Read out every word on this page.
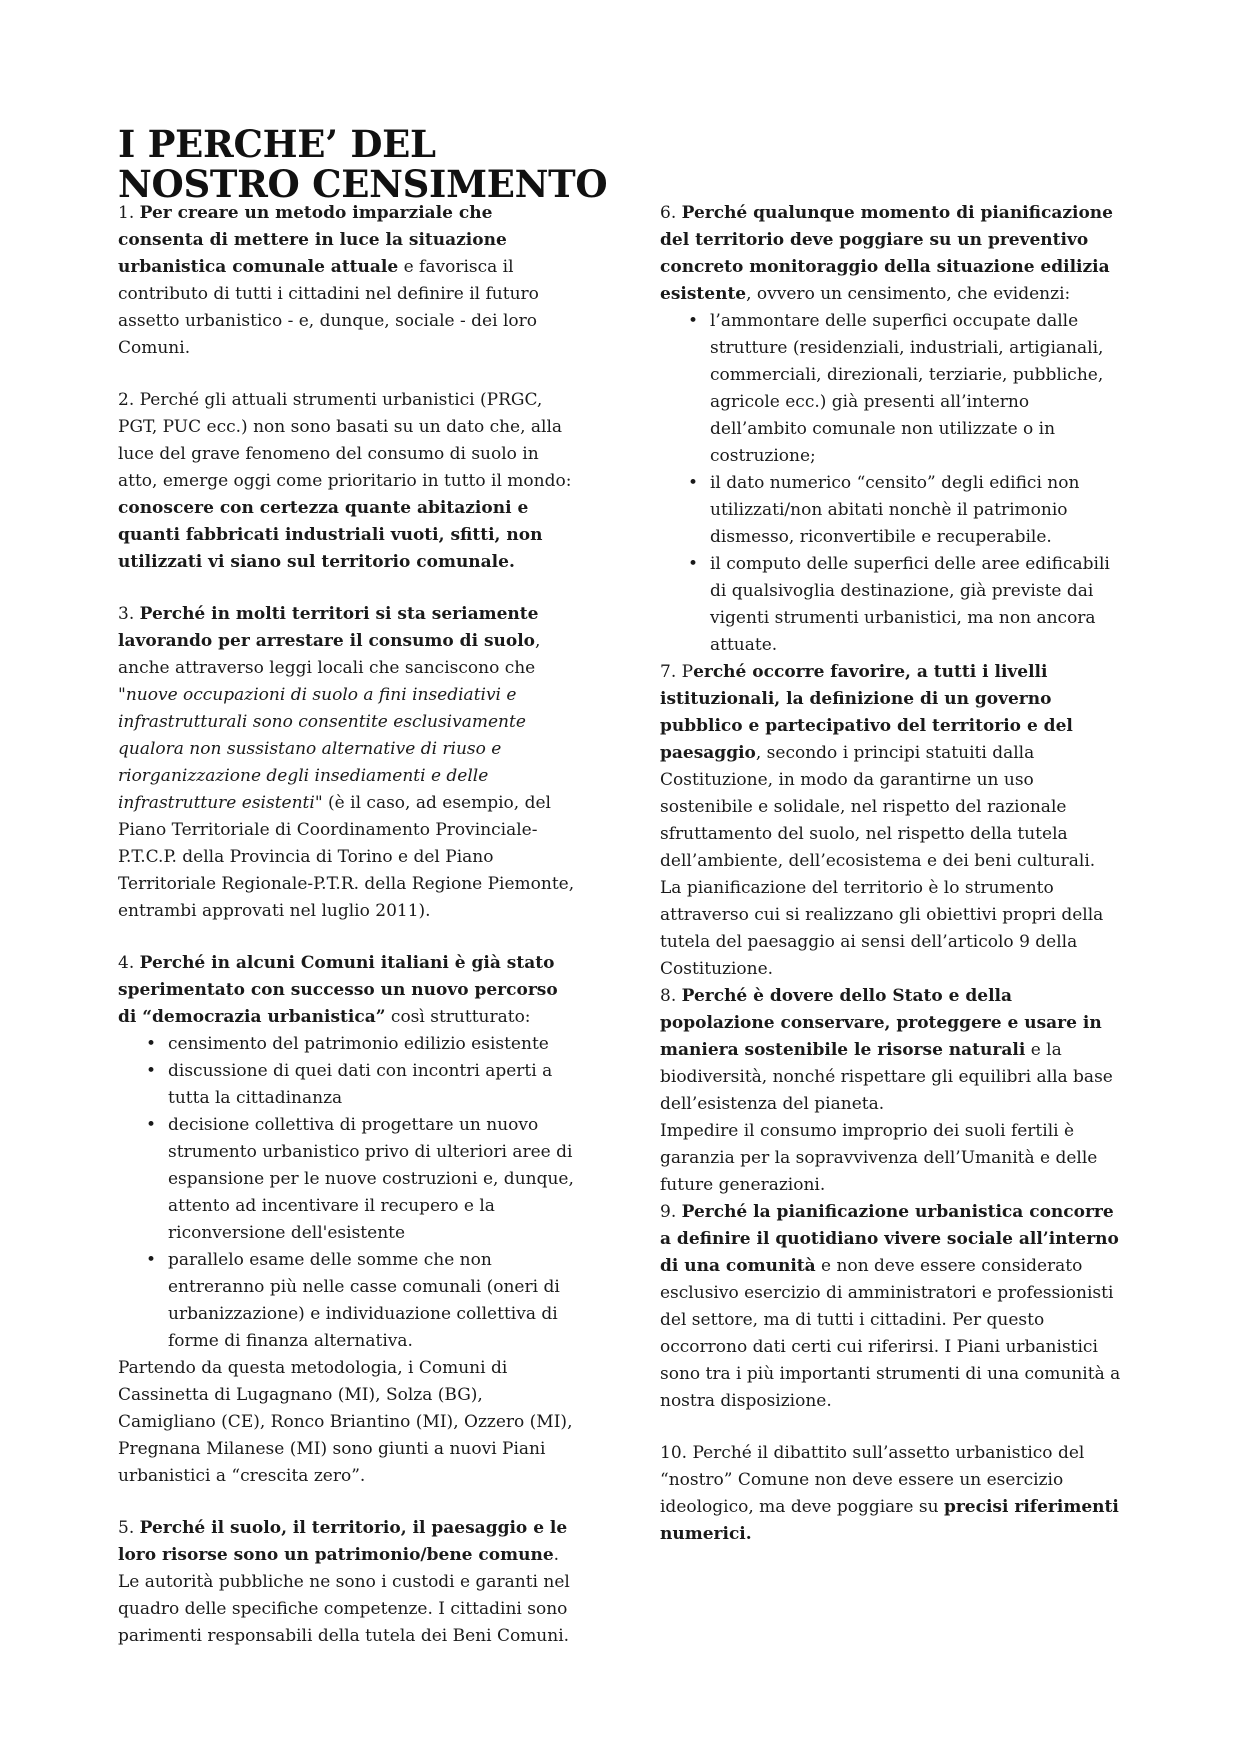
I PERCHE’ DEL
NOSTRO CENSIMENTO

1. Per creare un metodo imparziale che consenta di mettere in luce la situazione urbanistica comunale attuale e favorisca il contributo di tutti i cittadini nel definire il futuro assetto urbanistico - e, dunque, sociale - dei loro Comuni.

2. Perché gli attuali strumenti urbanistici (PRGC, PGT, PUC ecc.) non sono basati su un dato che, alla luce del grave fenomeno del consumo di suolo in atto, emerge oggi come prioritario in tutto il mondo: conoscere con certezza quante abitazioni e quanti fabbricati industriali vuoti, sfitti, non utilizzati vi siano sul territorio comunale.

3. Perché in molti territori si sta seriamente lavorando per arrestare il consumo di suolo, anche attraverso leggi locali che sanciscono che "nuove occupazioni di suolo a fini insediativi e infrastrutturali sono consentite esclusivamente qualora non sussistano alternative di riuso e riorganizzazione degli insediamenti e delle infrastrutture esistenti" (è il caso, ad esempio, del Piano Territoriale di Coordinamento Provinciale-P.T.C.P. della Provincia di Torino e del Piano Territoriale Regionale-P.T.R. della Regione Piemonte, entrambi approvati nel luglio 2011).

4. Perché in alcuni Comuni italiani è già stato sperimentato con successo un nuovo percorso di “democrazia urbanistica” così strutturato:

• censimento del patrimonio edilizio esistente
• discussione di quei dati con incontri aperti a tutta la cittadinanza
• decisione collettiva di progettare un nuovo strumento urbanistico privo di ulteriori aree di espansione per le nuove costruzioni e, dunque, attento ad incentivare il recupero e la riconversione dell'esistente
• parallelo esame delle somme che non entreranno più nelle casse comunali (oneri di urbanizzazione) e individuazione collettiva di forme di finanza alternativa.

Partendo da questa metodologia, i Comuni di Cassinetta di Lugagnano (MI), Solza (BG), Camigliano (CE), Ronco Briantino (MI), Ozzero (MI), Pregnana Milanese (MI) sono giunti a nuovi Piani urbanistici a “crescita zero”.

5. Perché il suolo, il territorio, il paesaggio e le loro risorse sono un patrimonio/bene comune. Le autorità pubbliche ne sono i custodi e garanti nel quadro delle specifiche competenze. I cittadini sono parimenti responsabili della tutela dei Beni Comuni.

6. Perché qualunque momento di pianificazione del territorio deve poggiare su un preventivo concreto monitoraggio della situazione edilizia esistente, ovvero un censimento, che evidenzi:

• l’ammontare delle superfici occupate dalle strutture (residenziali, industriali, artigianali, commerciali, direzionali, terziarie, pubbliche, agricole ecc.) già presenti all’interno dell’ambito comunale non utilizzate o in costruzione;
• il dato numerico “censito” degli edifici non utilizzati/non abitati nonchè il patrimonio dismesso, riconvertibile e recuperabile.
• il computo delle superfici delle aree edificabili di qualsivoglia destinazione, già previste dai vigenti strumenti urbanistici, ma non ancora attuate.

7. Perché occorre favorire, a tutti i livelli istituzionali, la definizione di un governo pubblico e partecipativo del territorio e del paesaggio, secondo i principi statuiti dalla Costituzione, in modo da garantirne un uso sostenibile e solidale, nel rispetto del razionale sfruttamento del suolo, nel rispetto della tutela dell’ambiente, dell’ecosistema e dei beni culturali.

La pianificazione del territorio è lo strumento attraverso cui si realizzano gli obiettivi propri della tutela del paesaggio ai sensi dell’articolo 9 della Costituzione.

8. Perché è dovere dello Stato e della popolazione conservare, proteggere e usare in maniera sostenibile le risorse naturali e la biodiversità, nonché rispettare gli equilibri alla base dell’esistenza del pianeta.

Impedire il consumo improprio dei suoli fertili è garanzia per la sopravvivenza dell’Umanità e delle future generazioni.

9. Perché la pianificazione urbanistica concorre a definire il quotidiano vivere sociale all’interno di una comunità e non deve essere considerato esclusivo esercizio di amministratori e professionisti del settore, ma di tutti i cittadini. Per questo occorrono dati certi cui riferirsi. I Piani urbanistici sono tra i più importanti strumenti di una comunità a nostra disposizione.

10. Perché il dibattito sull’assetto urbanistico del “nostro” Comune non deve essere un esercizio ideologico, ma deve poggiare su precisi riferimenti numerici.
